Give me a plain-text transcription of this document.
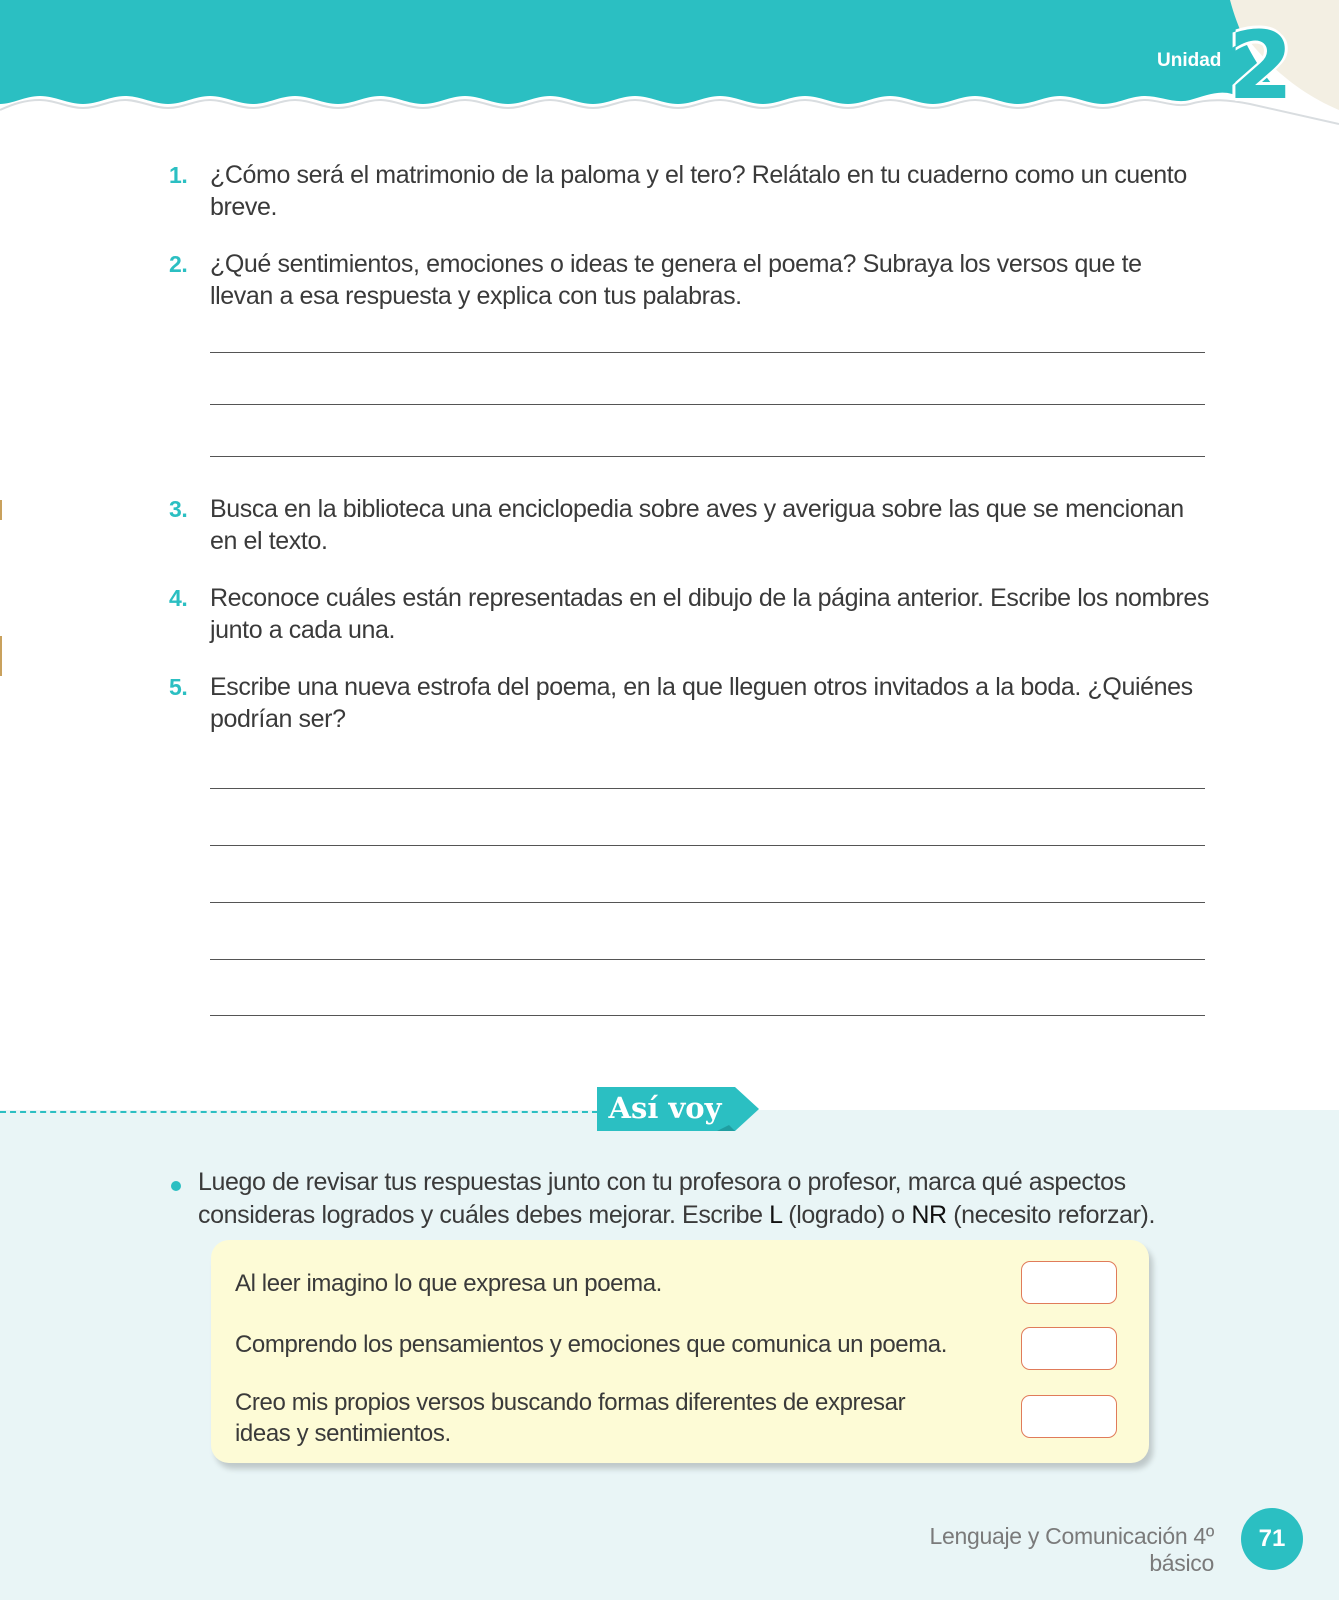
Unidad 2
1. ¿Cómo será el matrimonio de la paloma y el tero? Relátalo en tu cuaderno como un cuento breve.
2. ¿Qué sentimientos, emociones o ideas te genera el poema? Subraya los versos que te llevan a esa respuesta y explica con tus palabras.
3. Busca en la biblioteca una enciclopedia sobre aves y averigua sobre las que se mencionan en el texto.
4. Reconoce cuáles están representadas en el dibujo de la página anterior. Escribe los nombres junto a cada una.
5. Escribe una nueva estrofa del poema, en la que lleguen otros invitados a la boda. ¿Quiénes podrían ser?
Así voy
Luego de revisar tus respuestas junto con tu profesora o profesor, marca qué aspectos consideras logrados y cuáles debes mejorar. Escribe L (logrado) o NR (necesito reforzar).
Al leer imagino lo que expresa un poema.
Comprendo los pensamientos y emociones que comunica un poema.
Creo mis propios versos buscando formas diferentes de expresar ideas y sentimientos.
Lenguaje y Comunicación 4º básico
71
